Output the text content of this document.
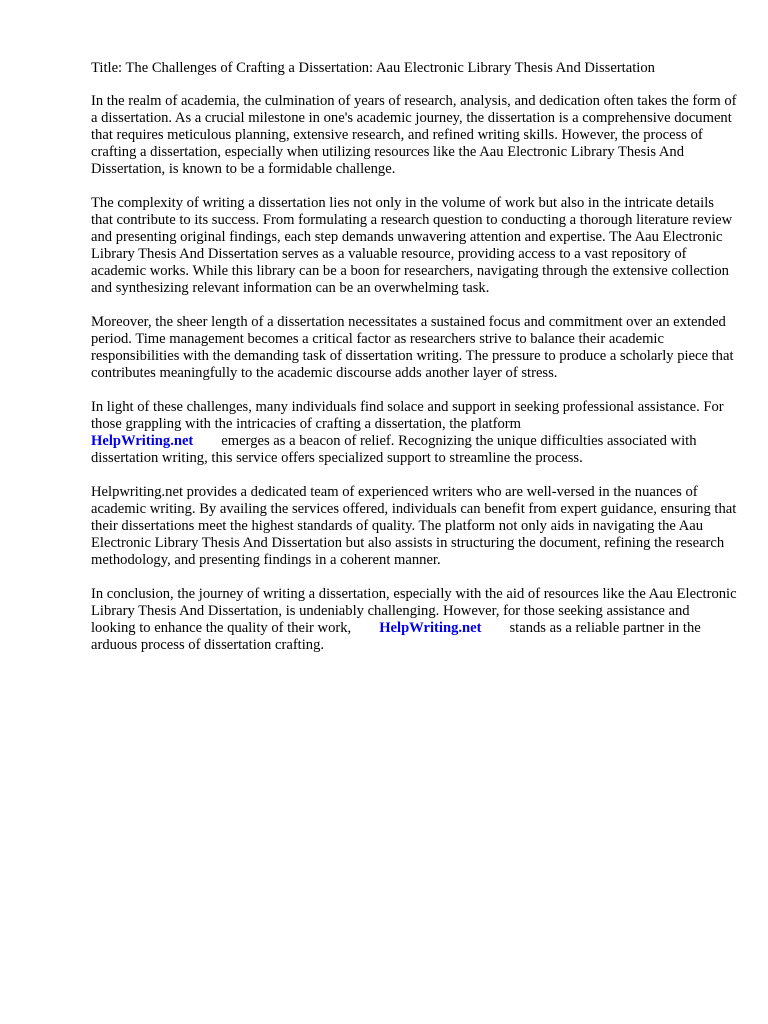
Title: The Challenges of Crafting a Dissertation: Aau Electronic Library Thesis And Dissertation

In the realm of academia, the culmination of years of research, analysis, and dedication often takes the form of a dissertation. As a crucial milestone in one's academic journey, the dissertation is a comprehensive document that requires meticulous planning, extensive research, and refined writing skills. However, the process of crafting a dissertation, especially when utilizing resources like the Aau Electronic Library Thesis And Dissertation, is known to be a formidable challenge.

The complexity of writing a dissertation lies not only in the volume of work but also in the intricate details that contribute to its success. From formulating a research question to conducting a thorough literature review and presenting original findings, each step demands unwavering attention and expertise. The Aau Electronic Library Thesis And Dissertation serves as a valuable resource, providing access to a vast repository of academic works. While this library can be a boon for researchers, navigating through the extensive collection and synthesizing relevant information can be an overwhelming task.

Moreover, the sheer length of a dissertation necessitates a sustained focus and commitment over an extended period. Time management becomes a critical factor as researchers strive to balance their academic responsibilities with the demanding task of dissertation writing. The pressure to produce a scholarly piece that contributes meaningfully to the academic discourse adds another layer of stress.

In light of these challenges, many individuals find solace and support in seeking professional assistance. For those grappling with the intricacies of crafting a dissertation, the platform
HelpWriting.net emerges as a beacon of relief. Recognizing the unique difficulties associated with dissertation writing, this service offers specialized support to streamline the process.

Helpwriting.net provides a dedicated team of experienced writers who are well-versed in the nuances of academic writing. By availing the services offered, individuals can benefit from expert guidance, ensuring that their dissertations meet the highest standards of quality. The platform not only aids in navigating the Aau Electronic Library Thesis And Dissertation but also assists in structuring the document, refining the research methodology, and presenting findings in a coherent manner.

In conclusion, the journey of writing a dissertation, especially with the aid of resources like the Aau Electronic Library Thesis And Dissertation, is undeniably challenging. However, for those seeking assistance and looking to enhance the quality of their work, HelpWriting.net stands as a reliable partner in the arduous process of dissertation crafting.
